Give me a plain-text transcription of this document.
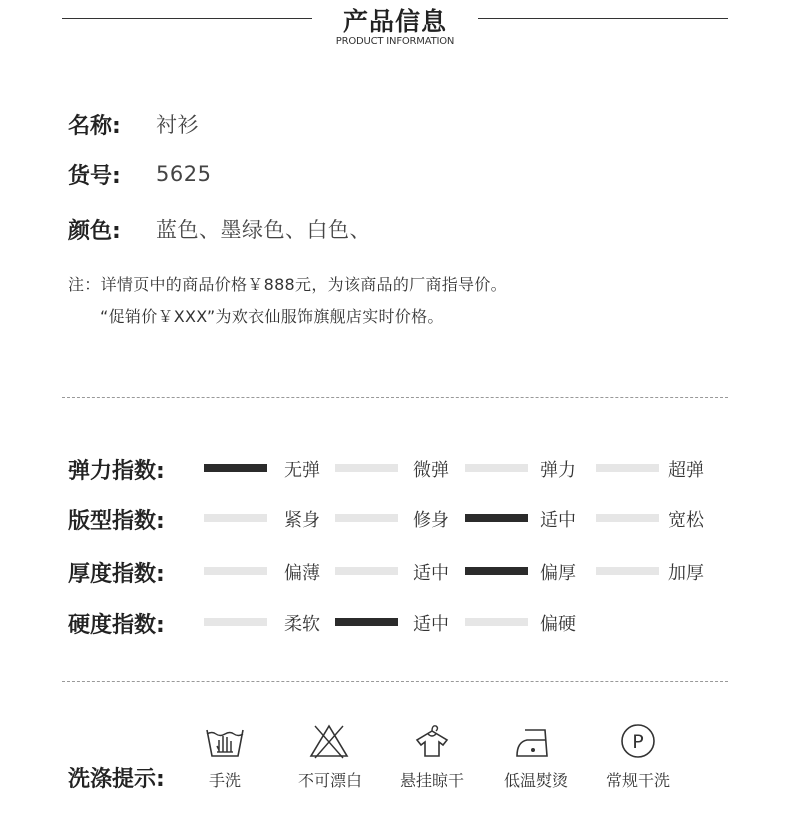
产品信息
PRODUCT INFORMATION
名称:	衬衫
货号:	5625
颜色:	蓝色、墨绿色、白色、
注：详情页中的商品价格￥888元，为该商品的厂商指导价。
“促销价￥XXX”为欢衣仙服饰旗舰店实时价格。
弹力指数:	无弹	微弹	弹力	超弹
版型指数:	紧身	修身	适中	宽松
厚度指数:	偏薄	适中	偏厚	加厚
硬度指数:	柔软	适中	偏硬
洗涤提示:
P
手洗	不可漂白	悬挂晾干	低温熨烫	常规干洗
